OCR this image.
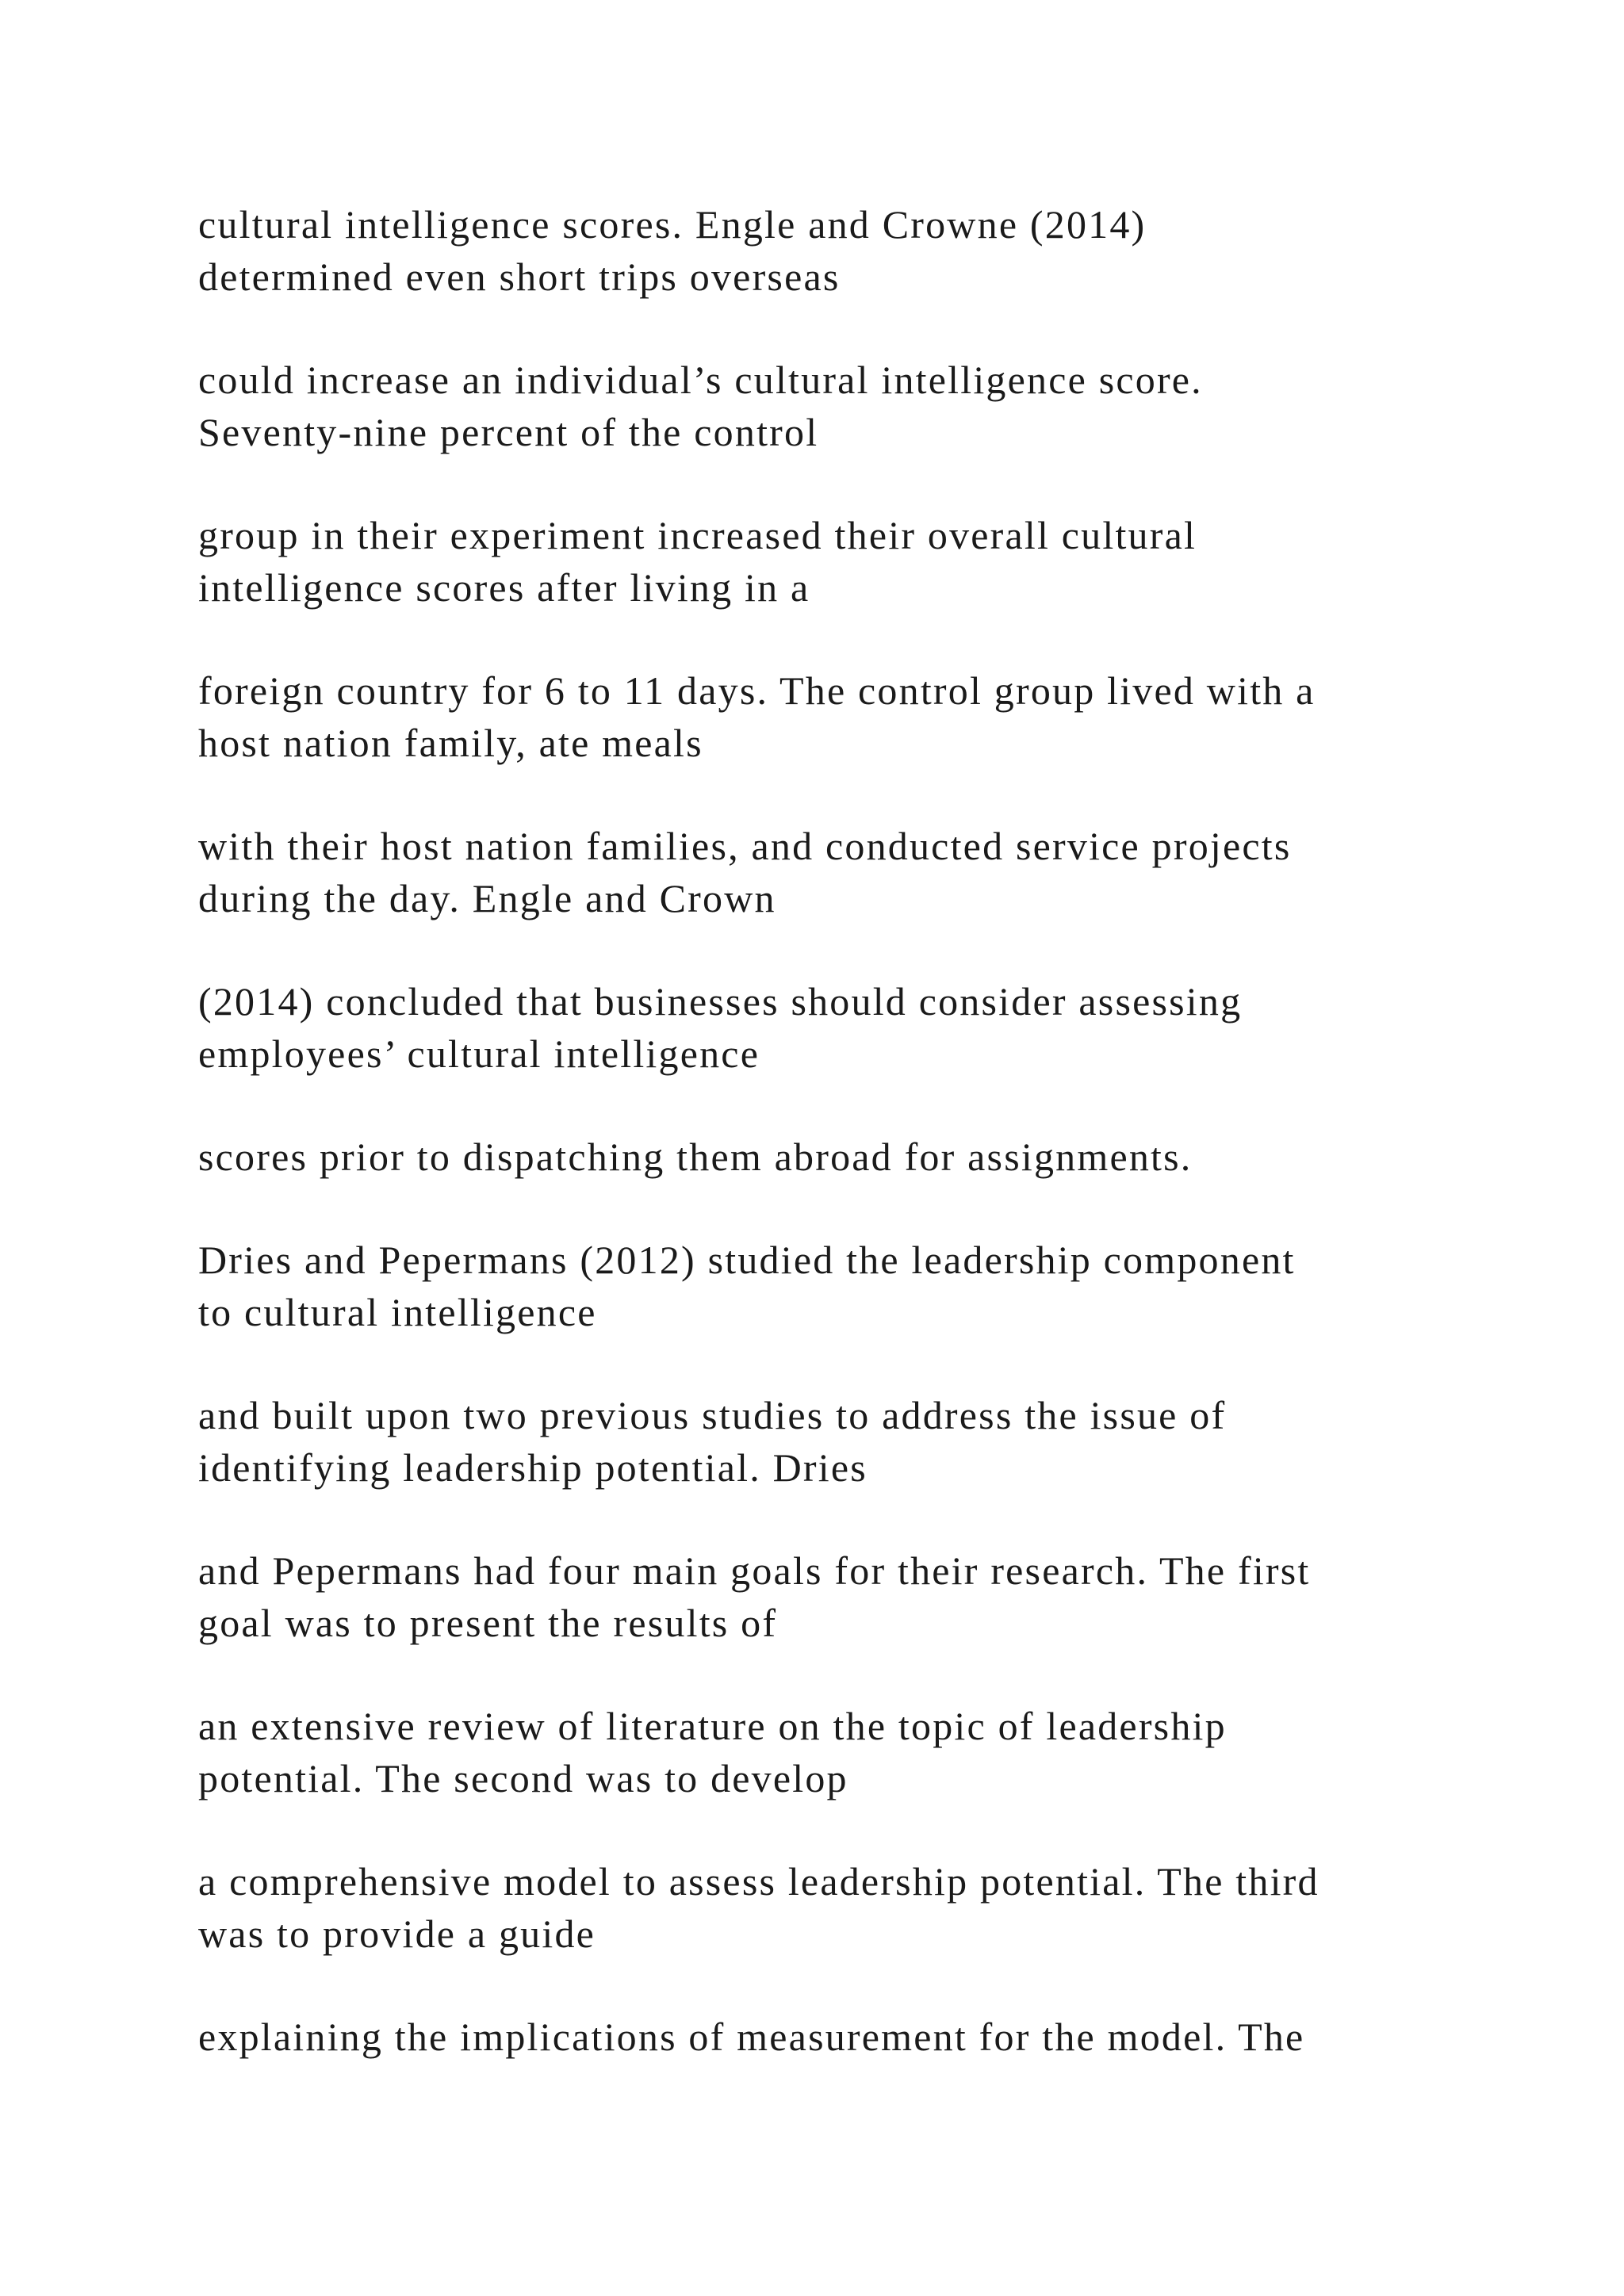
cultural intelligence scores. Engle and Crowne (2014)
determined even short trips overseas

could increase an individual’s cultural intelligence score.
Seventy-nine percent of the control

group in their experiment increased their overall cultural
intelligence scores after living in a

foreign country for 6 to 11 days. The control group lived with a
host nation family, ate meals

with their host nation families, and conducted service projects
during the day. Engle and Crown

(2014) concluded that businesses should consider assessing
employees’ cultural intelligence

scores prior to dispatching them abroad for assignments.

Dries and Pepermans (2012) studied the leadership component
to cultural intelligence

and built upon two previous studies to address the issue of
identifying leadership potential. Dries

and Pepermans had four main goals for their research. The first
goal was to present the results of

an extensive review of literature on the topic of leadership
potential. The second was to develop

a comprehensive model to assess leadership potential. The third
was to provide a guide

explaining the implications of measurement for the model. The
